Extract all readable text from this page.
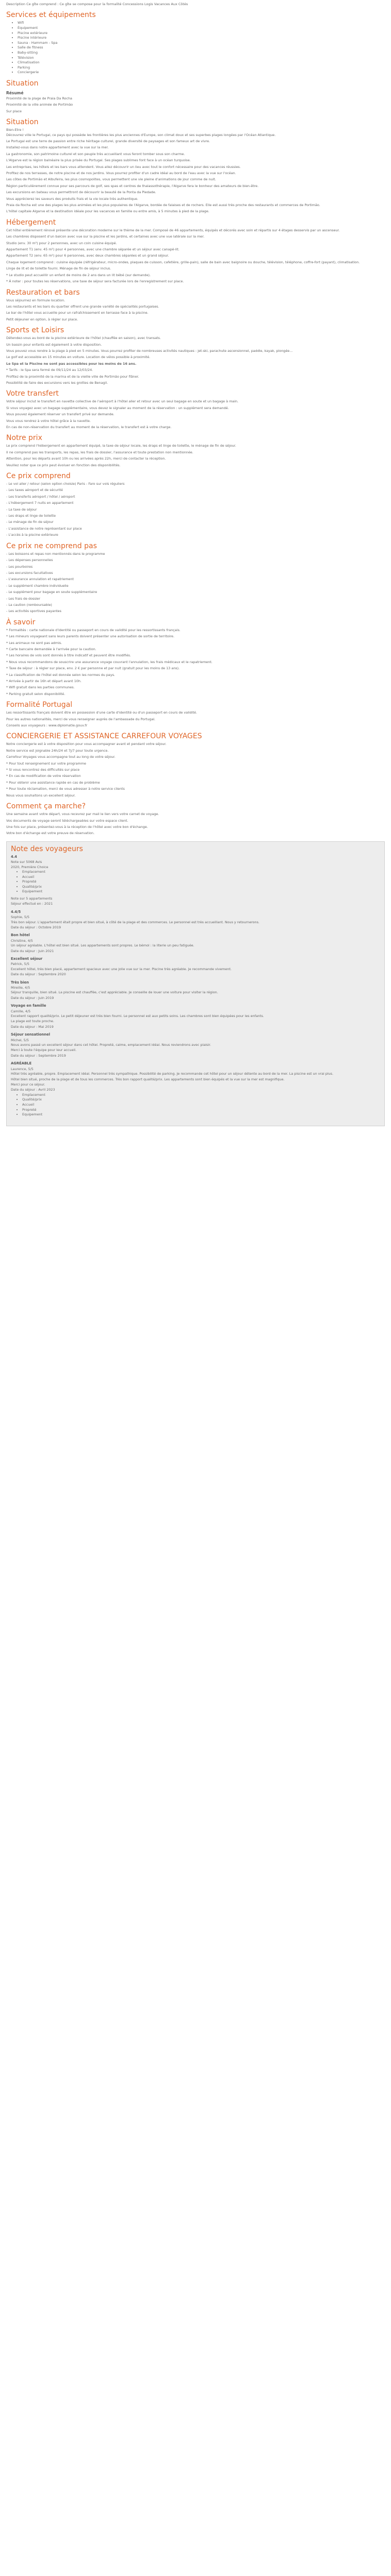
Description Ce gîte comprend : Ce gîte se compose pour la formalité Concessions Logis Vacances Aux Côtés

Services et équipements
• Wifi
• Équipement
• Piscine extérieure
• Piscine intérieure
• Sauna - Hammam - Spa
• Salle de fitness
• Baby-sitting
• Télévision
• Climatisation
• Parking
• Conciergerie
Situation
Résumé

Proximité de la plage de Praia Da Rocha

Proximité de la ville animée de Portimão

Sur place

Situation

Bien-Etre !

Découvrez ville le Portugal, ce pays qui possède les frontières les plus anciennes d'Europe, son climat doux et ses superbes plages longées par l'Océan Atlantique.

Le Portugal est une terre de passion entre riche héritage culturel, grande diversité de paysages et son fameux art de vivre.

Installez-vous dans notre appartement avec la vue sur la mer.

La gastronomie, son patrimoine culturel et son peuple très accueillant vous feront tomber sous son charme.

L'Algarve est la région balnéaire la plus prisée du Portugal. Ses plages sublimes font face à un océan turquoise.

Les entreprises, les hôtels et les bars vous attendent. Vous allez découvrir un lieu avec tout le confort nécessaire pour des vacances réussies.

Profitez de nos terrasses, de notre piscine et de nos jardins. Vous pourrez profiter d'un cadre idéal au bord de l'eau avec la vue sur l'océan.

Les côtes de Portimão et Albufeira, les plus cosmopolites, vous permettent une vie pleine d'animations de jour comme de nuit.

Région particulièrement connue pour ses parcours de golf, ses spas et centres de thalassothérapie, l'Algarve fera le bonheur des amateurs de bien-être.

Les excursions en bateau vous permettront de découvrir la beauté de la Ponta da Piedade.

Vous apprécierez les saveurs des produits frais et la vie locale très authentique.

Praia da Rocha est une des plages les plus animées et les plus populaires de l'Algarve, bordée de falaises et de rochers. Elle est aussi très proche des restaurants et commerces de Portimão.

L'hôtel capitale Algarve et la destination idéale pour les vacances en famille ou entre amis, à 5 minutes à pied de la plage.

Hébergement

Cet hôtel entièrement rénové présente une décoration moderne sur le thème de la mer. Composé de 46 appartements, équipés et décorés avec soin et répartis sur 4 étages desservis par un ascenseur.

Les chambres disposent d'un balcon avec vue sur la piscine et les jardins, et certaines avec une vue latérale sur la mer.

Studio (env. 30 m²) pour 2 personnes, avec un coin cuisine équipé.

Appartement T1 (env. 45 m²) pour 4 personnes, avec une chambre séparée et un séjour avec canapé-lit.

Appartement T2 (env. 65 m²) pour 6 personnes, avec deux chambres séparées et un grand séjour.

Chaque logement comprend : cuisine équipée (réfrigérateur, micro-ondes, plaques de cuisson, cafetière, grille-pain), salle de bain avec baignoire ou douche, télévision, téléphone, coffre-fort (payant), climatisation.

Linge de lit et de toilette fourni. Ménage de fin de séjour inclus.

* Le studio peut accueillir un enfant de moins de 2 ans dans un lit bébé (sur demande).

* À noter : pour toutes les réservations, une taxe de séjour sera facturée lors de l'enregistrement sur place.

Restauration et bars

Vous séjournez en formule location.

Les restaurants et les bars du quartier offrent une grande variété de spécialités portugaises.

Le bar de l'hôtel vous accueille pour un rafraîchissement en terrasse face à la piscine.

Petit déjeuner en option, à régler sur place.

Sports et Loisirs

Détendez-vous au bord de la piscine extérieure de l'hôtel (chauffée en saison), avec transats.

Un bassin pour enfants est également à votre disposition.

Vous pouvez vous rendre à la plage à pied en 5 minutes. Vous pourrez profiter de nombreuses activités nautiques : jet-ski, parachute ascensionnel, paddle, kayak, plongée...

Le golf est accessible en 15 minutes en voiture. Location de vélos possible à proximité.

Le Spa et la Piscine ne sont pas accessibles pour les moins de 16 ans.

* Tarifs : le Spa sera fermé de 09/11/24 au 12/03/24.

Profitez de la proximité de la marina et de la vieille ville de Portimão pour flâner.

Possibilité de faire des excursions vers les grottes de Benagil.

Votre transfert

Votre séjour inclut le transfert en navette collective de l'aéroport à l'hôtel aller et retour avec un seul bagage en soute et un bagage à main.

Si vous voyagez avec un bagage supplémentaire, vous devez le signaler au moment de la réservation : un supplément sera demandé.

Vous pouvez également réserver un transfert privé sur demande.

Vous vous rendrez à votre hôtel grâce à la navette.

En cas de non-réservation du transfert au moment de la réservation, le transfert est à votre charge.

Notre prix

Le prix comprend l'hébergement en appartement équipé, la taxe de séjour locale, les draps et linge de toilette, le ménage de fin de séjour.

Il ne comprend pas les transports, les repas, les frais de dossier, l'assurance et toute prestation non mentionnée.

Attention, pour les départs avant 10h ou les arrivées après 22h, merci de contacter la réception.

Veuillez noter que ce prix peut évoluer en fonction des disponibilités.

Ce prix comprend

- Le vol aller / retour (selon option choisie) Paris - Faro sur vols réguliers

- Les taxes aéroport et de sécurité

- Les transferts aéroport / hôtel / aéroport

- L'hébergement 7 nuits en appartement

- La taxe de séjour

- Les draps et linge de toilette

- Le ménage de fin de séjour

- L'assistance de notre représentant sur place

- L'accès à la piscine extérieure

Ce prix ne comprend pas

- Les boissons et repas non mentionnés dans le programme

- Les dépenses personnelles

- Les pourboires

- Les excursions facultatives

- L'assurance annulation et rapatriement

- Le supplément chambre individuelle

- Le supplément pour bagage en soute supplémentaire

- Les frais de dossier

- La caution (remboursable)

- Les activités sportives payantes

À savoir

* Formalités : carte nationale d'identité ou passeport en cours de validité pour les ressortissants français.

* Les mineurs voyageant sans leurs parents doivent présenter une autorisation de sortie de territoire.

* Les animaux ne sont pas admis.

* Carte bancaire demandée à l'arrivée pour la caution.

* Les horaires de vols sont donnés à titre indicatif et peuvent être modifiés.

* Nous vous recommandons de souscrire une assurance voyage couvrant l'annulation, les frais médicaux et le rapatriement.

* Taxe de séjour : à régler sur place, env. 2 € par personne et par nuit (gratuit pour les moins de 13 ans).

* La classification de l'hôtel est donnée selon les normes du pays.

* Arrivée à partir de 16h et départ avant 10h.

* Wifi gratuit dans les parties communes.

* Parking gratuit selon disponibilité.

Formalité Portugal

Les ressortissants français doivent être en possession d'une carte d'identité ou d'un passeport en cours de validité.

Pour les autres nationalités, merci de vous renseigner auprès de l'ambassade du Portugal.

Conseils aux voyageurs : www.diplomatie.gouv.fr

CONCIERGERIE ET ASSISTANCE CARREFOUR VOYAGES

Notre conciergerie est à votre disposition pour vous accompagner avant et pendant votre séjour.

Notre service est joignable 24h/24 et 7j/7 pour toute urgence.

Carrefour Voyages vous accompagne tout au long de votre séjour.

* Pour tout renseignement sur votre programme

* Si vous rencontrez des difficultés sur place

* En cas de modification de votre réservation

* Pour obtenir une assistance rapide en cas de problème

* Pour toute réclamation, merci de vous adresser à notre service clients

Nous vous souhaitons un excellent séjour.

Comment ça marche?

Une semaine avant votre départ, vous recevrez par mail le lien vers votre carnet de voyage.

Vos documents de voyage seront téléchargeables sur votre espace client.

Une fois sur place, présentez-vous à la réception de l'hôtel avec votre bon d'échange.

Votre bon d'échange est votre preuve de réservation.

Note des voyageurs

4.4

Note sur 5068 Avis

2020, Première Choice

• Emplacement
• Accueil
• Propreté
• Qualité/prix
• Equipement

Note sur 5 appartements

Séjour effectué en : 2021

4.4/5

Sophie, 5/5

Très bon séjour. L'appartement était propre et bien situé, à côté de la plage et des commerces. Le personnel est très accueillant. Nous y retournerons.

Date du séjour : Octobre 2019

Bon hôtel

Christine, 4/5

Un séjour agréable. L'hôtel est bien situé. Les appartements sont propres. Le bémol : la literie un peu fatiguée.

Date du séjour : Juin 2021

Excellent séjour

Patrick, 5/5

Excellent hôtel, très bien placé, appartement spacieux avec une jolie vue sur la mer. Piscine très agréable. Je recommande vivement.

Date du séjour : Septembre 2020

Très bien

Mireille, 4/5

Séjour tranquille, bien situé. La piscine est chauffée, c'est appréciable. Je conseille de louer une voiture pour visiter la région.

Date du séjour : Juin 2019

Voyage en famille

Camille, 4/5

Excellent rapport qualité/prix. Le petit déjeuner est très bien fourni. Le personnel est aux petits soins. Les chambres sont bien équipées pour les enfants.

La plage est toute proche.

Date du séjour : Mai 2019

Séjour sensationnel

Michel, 5/5

Nous avons passé un excellent séjour dans cet hôtel. Propreté, calme, emplacement idéal. Nous reviendrons avec plaisir.

Merci à toute l'équipe pour leur accueil.

Date du séjour : Septembre 2019

AGRÉABLE

Laurence, 5/5

Hôtel très agréable, propre. Emplacement idéal. Personnel très sympathique. Possibilité de parking. Je recommande cet hôtel pour un séjour détente au bord de la mer. La piscine est un vrai plus.

Hôtel bien situé, proche de la plage et de tous les commerces. Très bon rapport qualité/prix. Les appartements sont bien équipés et la vue sur la mer est magnifique.

Merci pour ce séjour.

Date du séjour : Avril 2023

• Emplacement
• Qualité/prix
• Accueil
• Propreté
• Equipement
